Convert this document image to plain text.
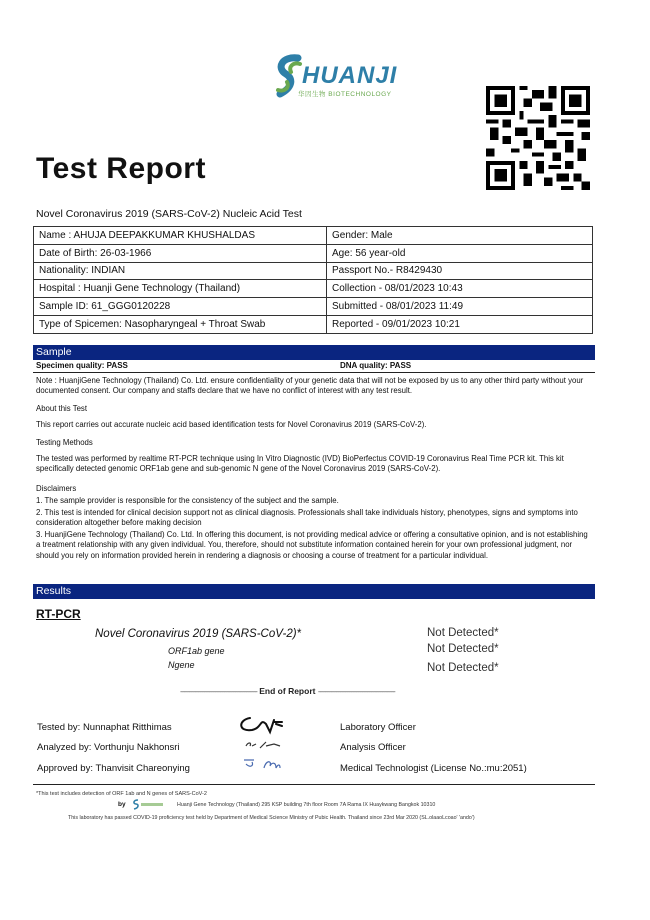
HUANJI
华因生物 BIOTECHNOLOGY
Test Report
Novel Coronavirus 2019 (SARS-CoV-2) Nucleic Acid Test
Name : AHUJA DEEPAKKUMAR KHUSHALDAS	Gender: Male
Date of Birth: 26-03-1966	Age: 56 year-old
Nationality: INDIAN	Passport No.- R8429430
Hospital : Huanji Gene Technology (Thailand)	Collection - 08/01/2023 10:43
Sample ID: 61_GGG0120228	Submitted - 08/01/2023 11:49
Type of Spicemen: Nasopharyngeal + Throat Swab	Reported - 09/01/2023 10:21
Sample
Specimen quality: PASS	DNA quality: PASS
Note : HuanjiGene Technology (Thailand) Co. Ltd. ensure confidentiality of your genetic data that will not be exposed by us to any other third party without your documented consent. Our company and staffs declare that we have no conflict of interest with any test result.
About this Test
This report carries out accurate nucleic acid based identification tests for Novel Coronavirus 2019 (SARS-CoV-2).
Testing Methods
The tested was performed by realtime RT-PCR technique using In Vitro Diagnostic (IVD) BioPerfectus COVID-19 Coronavirus Real Time PCR kit. This kit specifically detected genomic ORF1ab gene and sub-genomic N gene of the Novel Coronavirus 2019 (SARS-CoV-2).
Disclaimers
1. The sample provider is responsible for the consistency of the subject and the sample.
2. This test is intended for clinical decision support not as clinical diagnosis. Professionals shall take individuals history, phenotypes, signs and symptoms into consideration altogether before making decision
3. HuanjiGene Technology (Thailand) Co. Ltd. In offering this document, is not providing medical advice or offering a consultative opinion, and is not establishing a treatment relationship with any given individual. You, therefore, should not substitute information contained herein for your own professional judgment, nor should you rely on information provided herein in rendering a diagnosis or choosing a course of treatment for a particular individual.
Results
RT-PCR
Novel Coronavirus 2019 (SARS-CoV-2)*	Not Detected*
ORF1ab gene	Not Detected*
Ngene	Not Detected*
------------------------------------------ End of Report ------------------------------------------
Tested by: Nunnaphat Ritthimas	Laboratory Officer
Analyzed by: Vorthunju Nakhonsri	Analysis Officer
Approved by: Thanvisit Chareonying	Medical Technologist (License No.:mu:2051)
*This test includes detection of ORF 1ab and N genes of SARS-CoV-2
by	Huanji Gene Technology (Thailand) 295 KSP building 7th floor Room 7A Rama IX Huaykwang Bangkok 10310
This laboratory has passed COVID-19 proficiency test held by Department of Medical Science Ministry of Pubic Health. Thailand since 23rd Mar 2020 (SL.olaaoLcoao' 'ando')
